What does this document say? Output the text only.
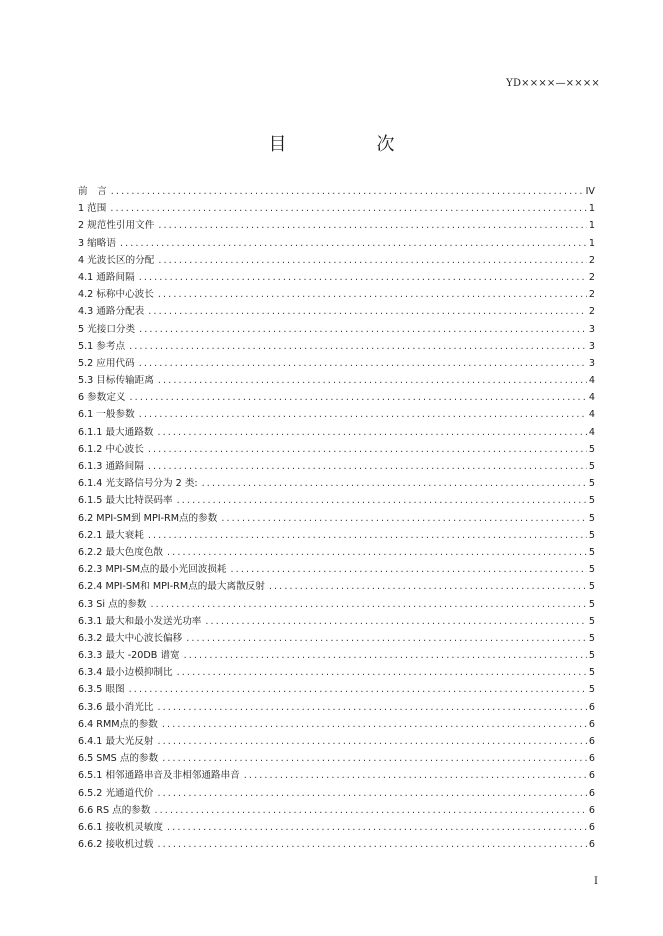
YD××××—××××
目　次
前　言 .....	IV
1 范围 .....	1
2 规范性引用文件 .....	1
3 缩略语 .....	1
4 光波长区的分配 .....	2
4.1 通路间隔 .....	2
4.2 标称中心波长 .....	2
4.3 通路分配表 .....	2
5 光接口分类 .....	3
5.1 参考点 .....	3
5.2 应用代码 .....	3
5.3 目标传输距离 .....	4
6 参数定义 .....	4
6.1 一般参数 .....	4
6.1.1 最大通路数 .....	4
6.1.2 中心波长 .....	5
6.1.3 通路间隔 .....	5
6.1.4 光支路信号分为 2 类: .....	5
6.1.5 最大比特误码率 .....	5
6.2 MPI-SM到 MPI-RM点的参数 .....	5
6.2.1 最大衰耗 .....	5
6.2.2 最大色度色散 .....	5
6.2.3 MPI-SM点的最小光回波损耗 .....	5
6.2.4 MPI-SM和 MPI-RM点的最大离散反射 .....	5
6.3 Si 点的参数 .....	5
6.3.1 最大和最小发送光功率 .....	5
6.3.2 最大中心波长偏移 .....	5
6.3.3 最大 -20DB 谱宽 .....	5
6.3.4 最小边模抑制比 .....	5
6.3.5 眼图 .....	5
6.3.6 最小消光比 .....	6
6.4 RMM点的参数 .....	6
6.4.1 最大光反射 .....	6
6.5 SMS 点的参数 .....	6
6.5.1 相邻通路串音及非相邻通路串音 .....	6
6.5.2 光通道代价 .....	6
6.6 RS 点的参数 .....	6
6.6.1 接收机灵敏度 .....	6
6.6.2 接收机过载 .....	6
I
